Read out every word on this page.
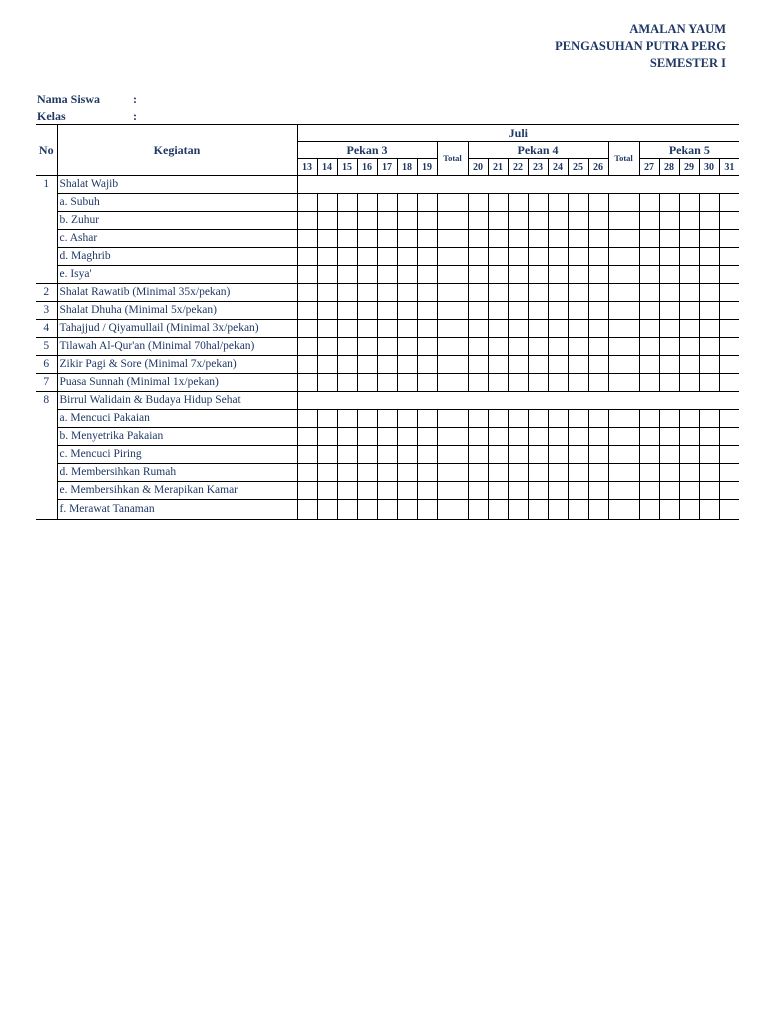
AMALAN YAUM
PENGASUHAN PUTRA PERG
SEMESTER I
Nama Siswa	:
Kelas	:
No	Kegiatan	Juli																				
		Pekan 3							Total	Pekan 4							Total	Pekan 5				
		13	14	15	16	17	18	19		20	21	22	23	24	25	26		27	28	29	30	31
1	Shalat Wajib																					
	a. Subuh																					
	b. Zuhur																					
	c. Ashar																					
	d. Maghrib																					
	e. Isya'																					
2	Shalat Rawatib (Minimal 35x/pekan)																					
3	Shalat Dhuha (Minimal 5x/pekan)																					
4	Tahajjud / Qiyamullail (Minimal 3x/pekan)																					
5	Tilawah Al-Qur'an (Minimal 70hal/pekan)																					
6	Zikir Pagi & Sore (Minimal 7x/pekan)																					
7	Puasa Sunnah (Minimal 1x/pekan)																					
8	Birrul Walidain & Budaya Hidup Sehat																					
	a. Mencuci Pakaian																					
	b. Menyetrika Pakaian																					
	c. Mencuci Piring																					
	d. Membersihkan Rumah																					
	e. Membersihkan & Merapikan Kamar																					
	f. Merawat Tanaman																					
